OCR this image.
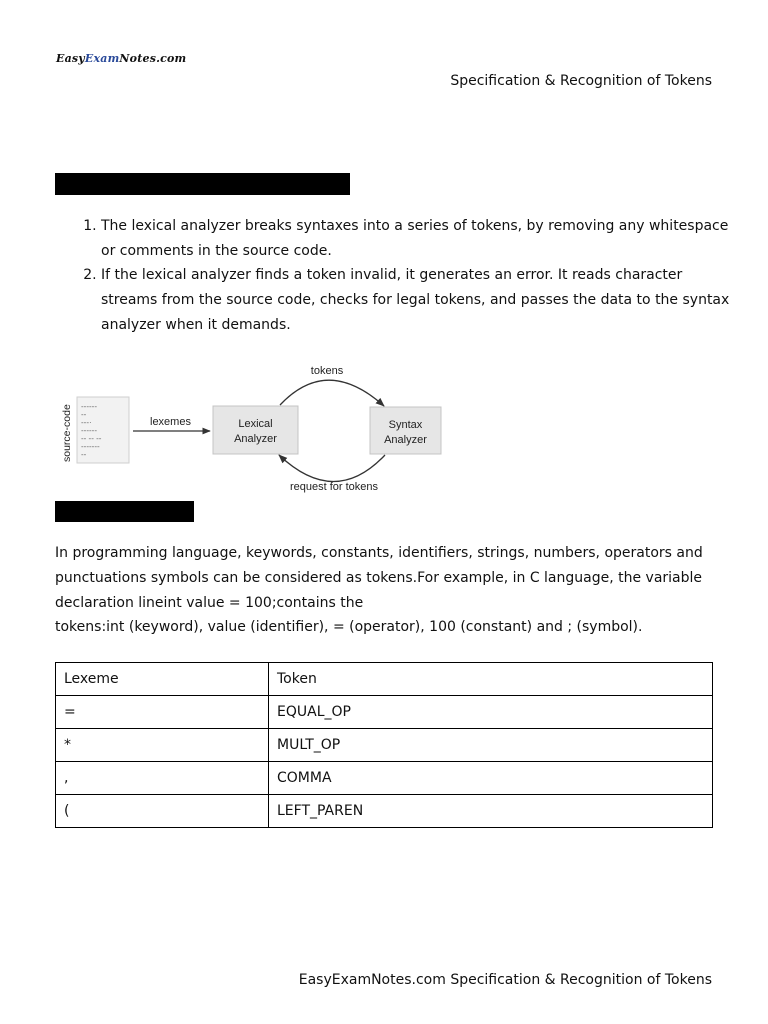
EasyExamNotes.com
Specification & Recognition of Tokens
1. The lexical analyzer breaks syntaxes into a series of tokens, by removing any whitespace or comments in the source code.
2. If the lexical analyzer finds a token invalid, it generates an error. It reads character streams from the source code, checks for legal tokens, and passes the data to the syntax analyzer when it demands.
source-code ------
--
---·
------
-- -- --
-------
--
lexemes	Lexical
Analyzer
Syntax
Analyzer
tokens
request for tokens
In programming language, keywords, constants, identifiers, strings, numbers, operators and
punctuations symbols can be considered as tokens.For example, in C language, the variable
declaration lineint value = 100;contains the
tokens:int (keyword), value (identifier), = (operator), 100 (constant) and ; (symbol).
Lexeme	Token
=	EQUAL_OP
*	MULT_OP
,	COMMA
(	LEFT_PAREN
EasyExamNotes.com Specification & Recognition of Tokens
